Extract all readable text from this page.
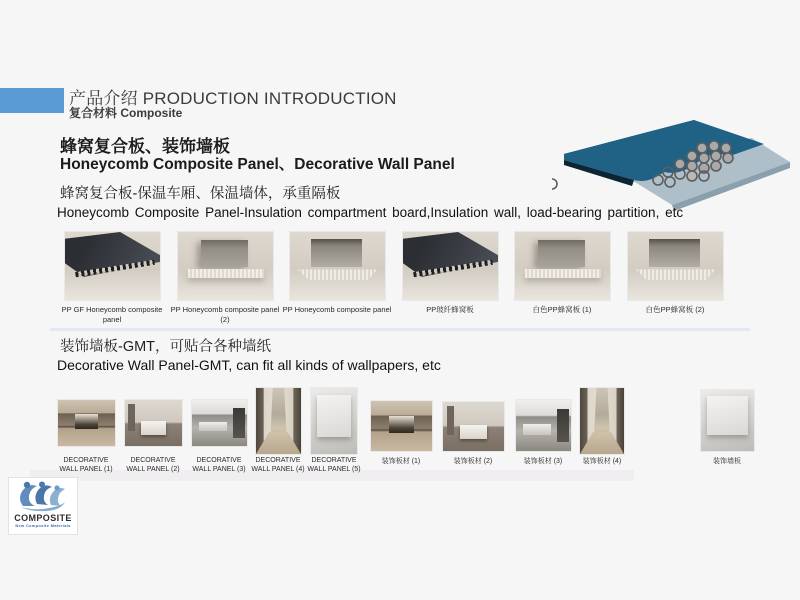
产品介绍 PRODUCTION INTRODUCTION
复合材料 Composite
蜂窝复合板、装饰墙板
Honeycomb Composite Panel、Decorative Wall Panel
蜂窝复合板-保温车厢、保温墙体，承重隔板
Honeycomb Composite Panel-Insulation compartment board,Insulation wall, load-bearing partition, etc
PP GF Honeycomb composite panel
PP Honeycomb composite panel (2)
PP Honeycomb composite panel	PP玻纤蜂窝板	白色PP蜂窝板 (1)	白色PP蜂窝板 (2)
装饰墙板-GMT，可贴合各种墙纸
Decorative Wall Panel-GMT, can fit all kinds of wallpapers, etc
DECORATIVE WALL PANEL (1)
DECORATIVE WALL PANEL (2)
DECORATIVE WALL PANEL (3)
DECORATIVE WALL PANEL (4)
DECORATIVE WALL PANEL (5)
装饰板材 (1)	装饰板材 (2)	装饰板材 (3)	装饰板材 (4)	装饰墙板
COMPOSITE
New Composite Materials
